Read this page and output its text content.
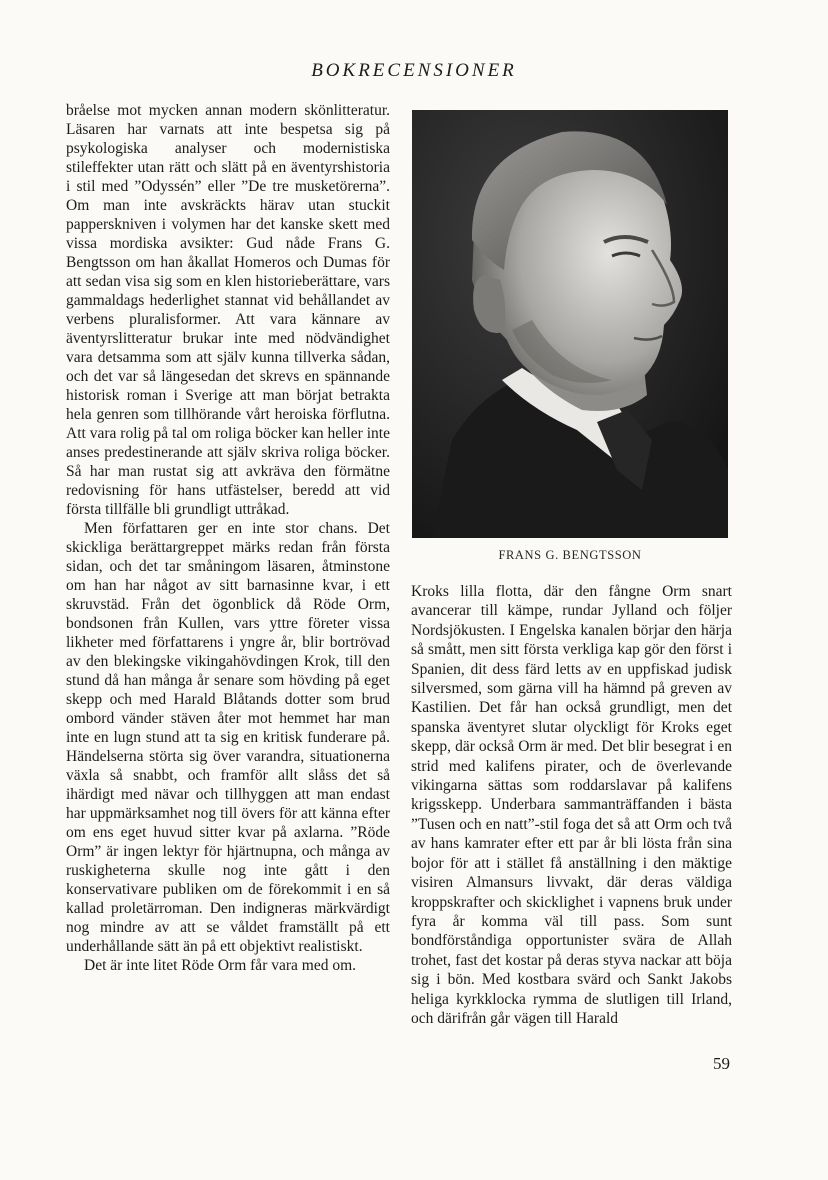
BOKRECENSIONER

bråelse mot mycken annan modern skönlitteratur. Läsaren har varnats att inte bespetsa sig på psykologiska analyser och modernistiska stileffekter utan rätt och slätt på en äventyrshistoria i stil med ”Odyssén” eller ”De tre musketörerna”. Om man inte avskräckts härav utan stuckit papperskniven i volymen har det kanske skett med vissa mordiska avsikter: Gud nåde Frans G. Bengtsson om han åkallat Homeros och Dumas för att sedan visa sig som en klen historieberättare, vars gammaldags hederlighet stannat vid behållandet av verbens pluralisformer. Att vara kännare av äventyrslitteratur brukar inte med nödvändighet vara detsamma som att själv kunna tillverka sådan, och det var så längesedan det skrevs en spännande historisk roman i Sverige att man börjat betrakta hela genren som tillhörande vårt heroiska förflutna. Att vara rolig på tal om roliga böcker kan heller inte anses predestinerande att själv skriva roliga böcker. Så har man rustat sig att avkräva den förmätne redovisning för hans utfästelser, beredd att vid första tillfälle bli grundligt uttråkad.

Men författaren ger en inte stor chans. Det skickliga berättargreppet märks redan från första sidan, och det tar småningom läsaren, åtminstone om han har något av sitt barnasinne kvar, i ett skruvstäd. Från det ögonblick då Röde Orm, bondsonen från Kullen, vars yttre företer vissa likheter med författarens i yngre år, blir bortrövad av den blekingske vikingahövdingen Krok, till den stund då han många år senare som hövding på eget skepp och med Harald Blåtands dotter som brud ombord vänder stäven åter mot hemmet har man inte en lugn stund att ta sig en kritisk funderare på. Händelserna störta sig över varandra, situationerna växla så snabbt, och framför allt slåss det så ihärdigt med nävar och tillhyggen att man endast har uppmärksamhet nog till övers för att känna efter om ens eget huvud sitter kvar på axlarna. ”Röde Orm” är ingen lektyr för hjärtnupna, och många av ruskigheterna skulle nog inte gått i den konservativare publiken om de förekommit i en så kallad proletärroman. Den indigneras märkvärdigt nog mindre av att se våldet framställt på ett underhållande sätt än på ett objektivt realistiskt.

Det är inte litet Röde Orm får vara med om.

FRANS G. BENGTSSON

Kroks lilla flotta, där den fångne Orm snart avancerar till kämpe, rundar Jylland och följer Nordsjökusten. I Engelska kanalen börjar den härja så smått, men sitt första verkliga kap gör den först i Spanien, dit dess färd letts av en uppfiskad judisk silversmed, som gärna vill ha hämnd på greven av Kastilien. Det får han också grundligt, men det spanska äventyret slutar olyckligt för Kroks eget skepp, där också Orm är med. Det blir besegrat i en strid med kalifens pirater, och de överlevande vikingarna sättas som roddarslavar på kalifens krigsskepp. Underbara sammanträffanden i bästa ”Tusen och en natt”-stil foga det så att Orm och två av hans kamrater efter ett par år bli lösta från sina bojor för att i stället få anställning i den mäktige visiren Almansurs livvakt, där deras väldiga kroppskrafter och skicklighet i vapnens bruk under fyra år komma väl till pass. Som sunt bondförståndiga opportunister svära de Allah trohet, fast det kostar på deras styva nackar att böja sig i bön. Med kostbara svärd och Sankt Jakobs heliga kyrkklocka rymma de slutligen till Irland, och därifrån går vägen till Harald

59
